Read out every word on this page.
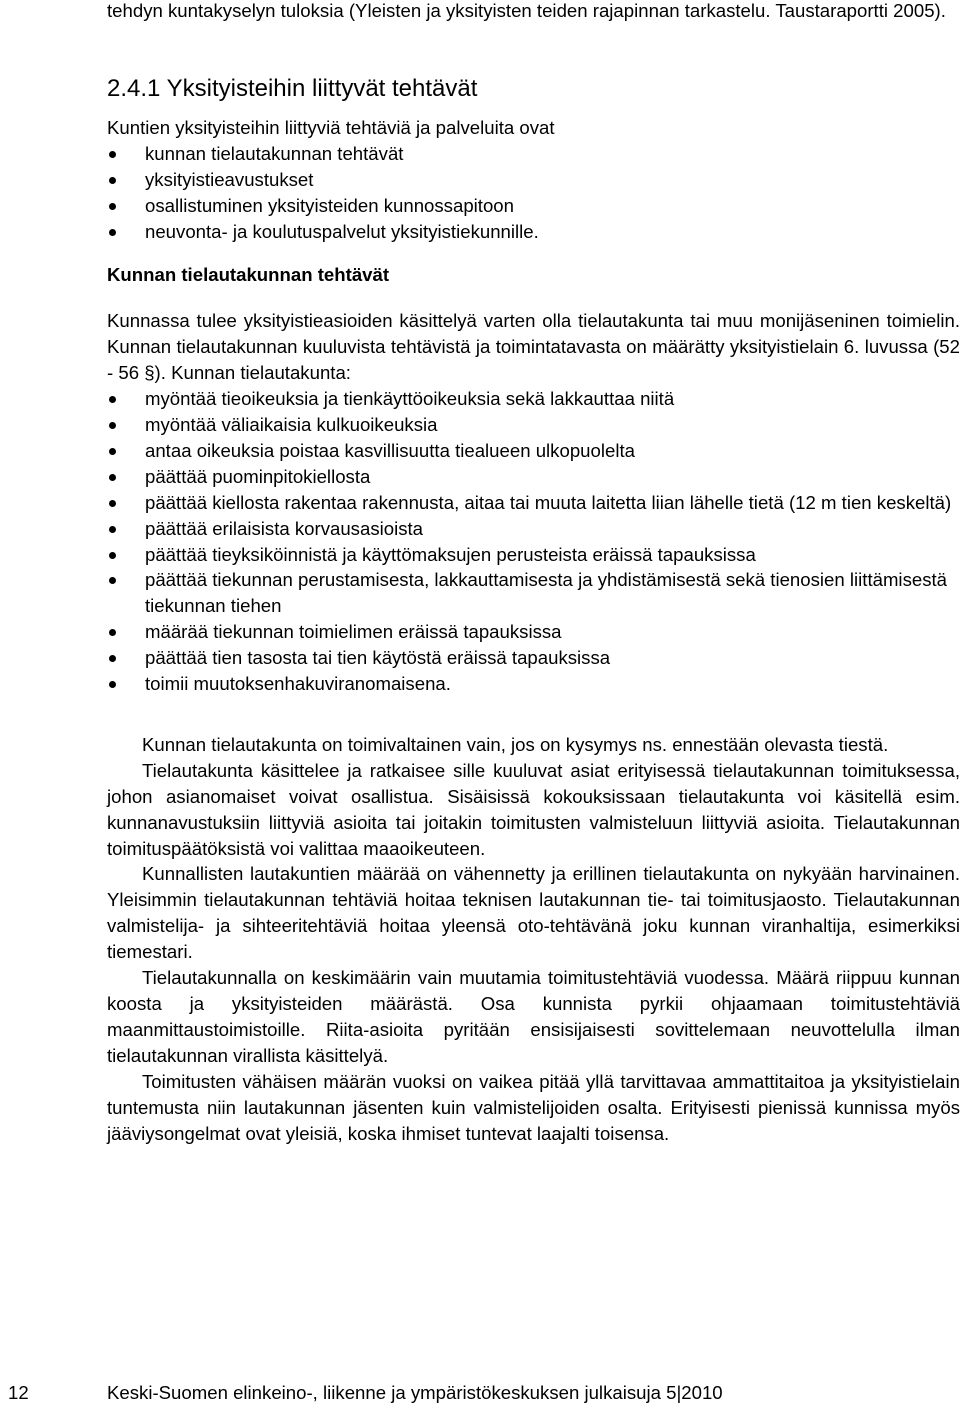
tehdyn kuntakyselyn tuloksia (Yleisten ja yksityisten teiden rajapinnan tarkastelu. Taustaraportti 2005).

2.4.1 Yksityisteihin liittyvät tehtävät

Kuntien yksityisteihin liittyviä tehtäviä ja palveluita ovat

kunnan tielautakunnan tehtävät
yksityistieavustukset
osallistuminen yksityisteiden kunnossapitoon
neuvonta- ja koulutuspalvelut yksityistiekunnille.
Kunnan tielautakunnan tehtävät

Kunnassa tulee yksityistieasioiden käsittelyä varten olla tielautakunta tai muu monijäseninen toimielin. Kunnan tielautakunnan kuuluvista tehtävistä ja toimintatavasta on määrätty yksityistielain 6. luvussa (52 - 56 §). Kunnan tielautakunta:

myöntää tieoikeuksia ja tienkäyttöoikeuksia sekä lakkauttaa niitä
myöntää väliaikaisia kulkuoikeuksia
antaa oikeuksia poistaa kasvillisuutta tiealueen ulkopuolelta
päättää puominpitokiellosta
päättää kiellosta rakentaa rakennusta, aitaa tai muuta laitetta liian lähelle tietä (12 m tien keskeltä)
päättää erilaisista korvausasioista
päättää tieyksiköinnistä ja käyttömaksujen perusteista eräissä tapauksissa
päättää tiekunnan perustamisesta, lakkauttamisesta ja yhdistämisestä sekä tienosien liittämisestä tiekunnan tiehen
määrää tiekunnan toimielimen eräissä tapauksissa
päättää tien tasosta tai tien käytöstä eräissä tapauksissa
toimii muutoksenhakuviranomaisena.

Kunnan tielautakunta on toimivaltainen vain, jos on kysymys ns. ennestään olevasta tiestä.

Tielautakunta käsittelee ja ratkaisee sille kuuluvat asiat erityisessä tielautakunnan toimituksessa, johon asianomaiset voivat osallistua. Sisäisissä kokouksissaan tielautakunta voi käsitellä esim. kunnanavustuksiin liittyviä asioita tai joitakin toimitusten valmisteluun liittyviä asioita. Tielautakunnan toimituspäätöksistä voi valittaa maaoikeuteen.

Kunnallisten lautakuntien määrää on vähennetty ja erillinen tielautakunta on nykyään harvinainen. Yleisimmin tielautakunnan tehtäviä hoitaa teknisen lautakunnan tie- tai toimitusjaosto. Tielautakunnan valmistelija- ja sihteeritehtäviä hoitaa yleensä oto-tehtävänä joku kunnan viranhaltija, esimerkiksi tiemestari.

Tielautakunnalla on keskimäärin vain muutamia toimitustehtäviä vuodessa. Määrä riippuu kunnan koosta ja yksityisteiden määrästä. Osa kunnista pyrkii ohjaamaan toimitustehtäviä maanmittaustoimistoille. Riita-asioita pyritään ensisijaisesti sovittelemaan neuvottelulla ilman tielautakunnan virallista käsittelyä.

Toimitusten vähäisen määrän vuoksi on vaikea pitää yllä tarvittavaa ammattitaitoa ja yksityistielain tuntemusta niin lautakunnan jäsenten kuin valmistelijoiden osalta. Erityisesti pienissä kunnissa myös jääviysongelmat ovat yleisiä, koska ihmiset tuntevat laajalti toisensa.

12	Keski-Suomen elinkeino-, liikenne ja ympäristökeskuksen julkaisuja 5|2010
